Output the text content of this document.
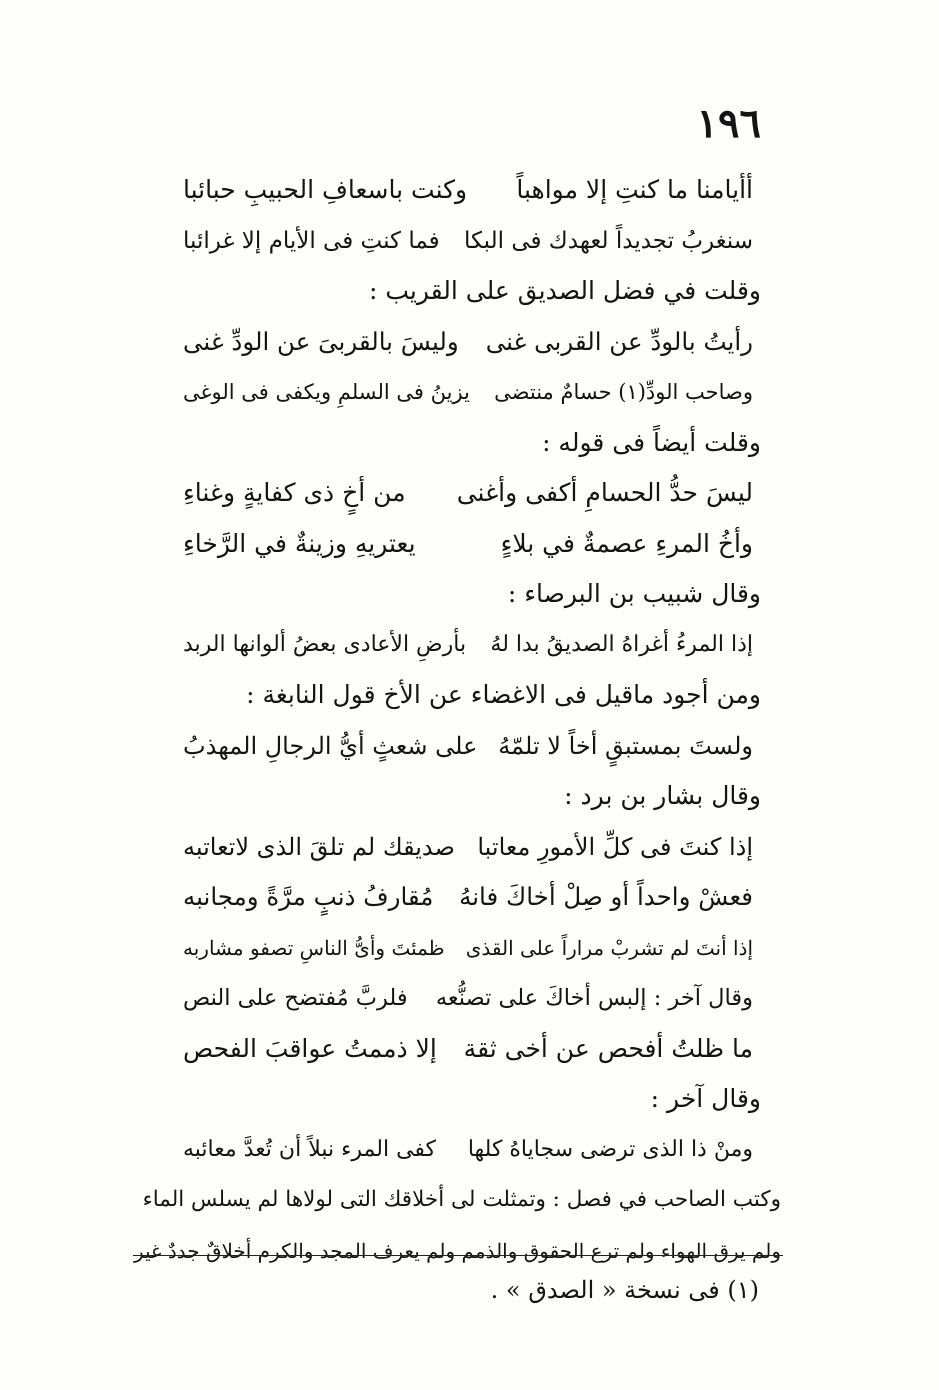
١٩٦
أأيامنا ما كنتِ إلا مواهباً
وكنت باسعافِ الحبيبِ حبائبا
سنغربُ تجديداً لعهدك فى البكا
فما كنتِ فى الأيام إلا غرائبا
وقلت في فضل الصديق على القريب :
رأيتُ بالودِّ عن القربى غنى
وليسَ بالقربىَ عن الودِّ غنى
وصاحب الودِّ(١) حسامٌ منتضى
يزينُ فى السلمِ ويكفى فى الوغى
وقلت أيضاً فى قوله :
ليسَ حدُّ الحسامِ أكفى وأغنى
من أخٍ ذى كفايةٍ وغناءِ
وأخُ المرءِ عصمةٌ في بلاءٍ
يعتريهِ وزينةٌ في الرَّخاءِ
وقال شبيب بن البرصاء :
إذا المرءُ أغراهُ الصديقُ بدا لهُ
بأرضِ الأعادى بعضُ ألوانها الربد
ومن أجود ماقيل فى الاغضاء عن الأخ قول النابغة :
ولستَ بمستبقٍ أخاً لا تلمّهُ
على شعثٍ أيُّ الرجالِ المهذبُ
وقال بشار بن برد :
إذا كنتَ فى كلِّ الأمورِ معاتبا
صديقك لم تلقَ الذى لاتعاتبه
فعشْ واحداً أو صِلْ أخاكَ فانهُ
مُقارفُ ذنبٍ مرَّةً ومجانبه
إذا أنتَ لم تشربْ مراراً على القذى
ظمئتَ وأىُّ الناسِ تصفو مشاربه
وقال آخر : إلبس أخاكَ على تصنُّعه
فلربَّ مُفتضح على النص
ما ظلتُ أفحص عن أخى ثقة
إلا ذممتُ عواقبَ الفحص
وقال آخر :
ومنْ ذا الذى ترضى سجاياهُ كلها
كفى المرء نبلاً أن تُعدَّ معائبه
وكتب الصاحب في فصل : وتمثلت لى أخلاقك التى لولاها لم يسلس الماء
ولم يرق الهواء ولم ترع الحقوق والذمم ولم يعرف المجد والكرم أخلاقٌ جددٌ غير
(١) فى نسخة « الصدق » .
